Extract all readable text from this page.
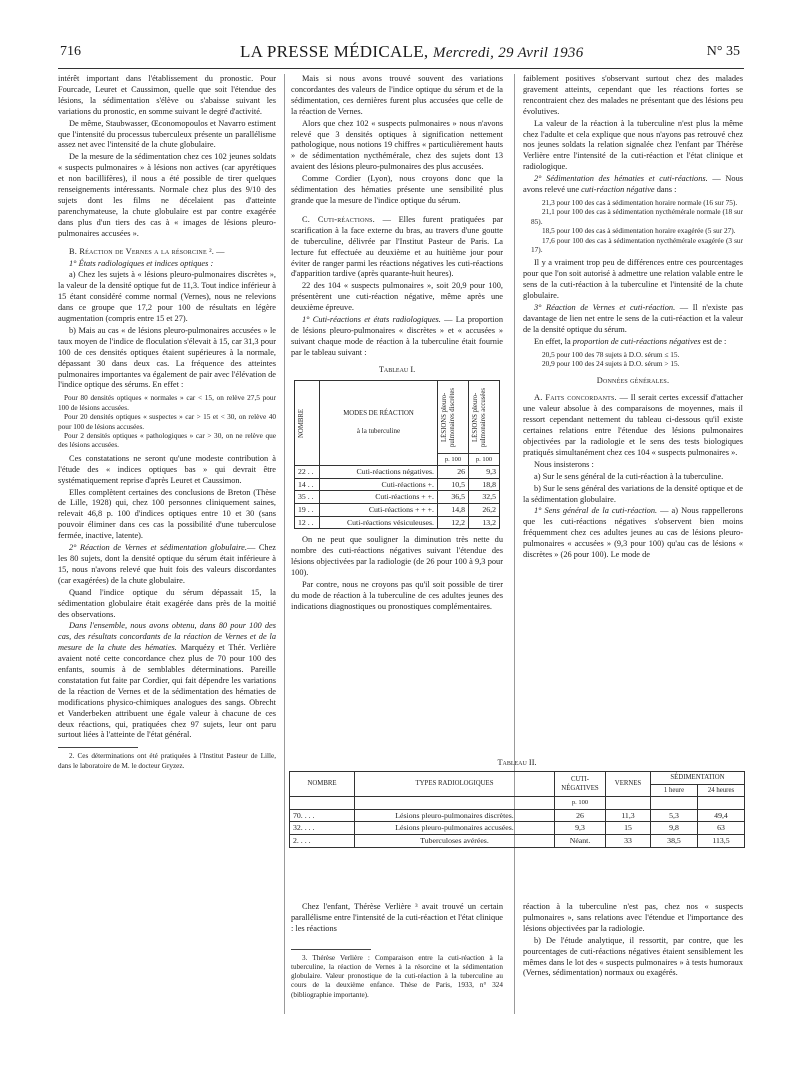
716	LA PRESSE MÉDICALE, Mercredi, 29 Avril 1936	N° 35

intérêt important dans l'établissement du pronostic. Pour Fourcade, Leuret et Caussimon, quelle que soit l'étendue des lésions, la sédimentation s'élève ou s'abaisse suivant les variations du pronostic, en somme suivant le degré d'activité.

De même, Staubwasser, Œconomopoulos et Navarro estiment que l'intensité du processus tuberculeux présente un parallélisme assez net avec l'intensité de la chute globulaire.

De la mesure de la sédimentation chez ces 102 jeunes soldats « suspects pulmonaires » à lésions non actives (car apyrétiques et non bacillifères), il nous a été possible de tirer quelques renseignements intéressants. Normale chez plus des 9/10 des sujets dont les films ne décelaient pas d'atteinte parenchymateuse, la chute globulaire est par contre exagérée dans plus d'un tiers des cas à « images de lésions pleuro-pulmonaires accusées ».

B. Réaction de Vernes a la résorcine ². —

1° États radiologiques et indices optiques :

a) Chez les sujets à « lésions pleuro-pulmonaires discrètes », la valeur de la densité optique fut de 11,3. Tout indice inférieur à 15 étant considéré comme normal (Vernes), nous ne relevions dans ce groupe que 17,2 pour 100 de résultats en légère augmentation (compris entre 15 et 27).

b) Mais au cas « de lésions pleuro-pulmonaires accusées » le taux moyen de l'indice de floculation s'élevait à 15, car 31,3 pour 100 de ces densités optiques étaient supérieures à la normale, dépassant 30 dans deux cas. La fréquence des atteintes pulmonaires importantes va également de pair avec l'élévation de l'indice optique des sérums. En effet :

Pour 80 densités optiques « normales » car < 15, on relève 27,5 pour 100 de lésions accusées.

Pour 20 densités optiques « suspectes » car > 15 et < 30, on relève 40 pour 100 de lésions accusées.

Pour 2 densités optiques « pathologiques » car > 30, on ne relève que des lésions accusées.

Ces constatations ne seront qu'une modeste contribution à l'étude des « indices optiques bas » qui devrait être systématiquement reprise d'après Leuret et Caussimon.

Elles complètent certaines des conclusions de Breton (Thèse de Lille, 1928) qui, chez 100 personnes cliniquement saines, relevait 46,8 p. 100 d'indices optiques entre 10 et 30 (sans pouvoir éliminer dans ces cas la possibilité d'une tuberculose fermée, inactive, latente).

2° Réaction de Vernes et sédimentation globulaire.— Chez les 80 sujets, dont la densité optique du sérum était inférieure à 15, nous n'avons relevé que huit fois des valeurs discordantes (car exagérées) de la chute globulaire.

Quand l'indice optique du sérum dépassait 15, la sédimentation globulaire était exagérée dans près de la moitié des observations.

Dans l'ensemble, nous avons obtenu, dans 80 pour 100 des cas, des résultats concordants de la réaction de Vernes et de la mesure de la chute des hématies. Marquézy et Thér. Verlière avaient noté cette concordance chez plus de 70 pour 100 des enfants, soumis à de semblables déterminations. Pareille constatation fut faite par Cordier, qui fait dépendre les variations de la réaction de Vernes et de la sédimentation des hématies de modifications physico-chimiques analogues des sangs. Obrecht et Vanderbeken attribuent une égale valeur à chacune de ces deux réactions, qui, pratiquées chez 97 sujets, leur ont paru surtout liées à l'atteinte de l'état général.

2. Ces déterminations ont été pratiquées à l'Institut Pasteur de Lille, dans le laboratoire de M. le docteur Gryzez.

Mais si nous avons trouvé souvent des variations concordantes des valeurs de l'indice optique du sérum et de la sédimentation, ces dernières furent plus accusées que celle de la réaction de Vernes.

Alors que chez 102 « suspects pulmonaires » nous n'avons relevé que 3 densités optiques à signification nettement pathologique, nous notions 19 chiffres « particulièrement hauts » de sédimentation nycthémérale, chez des sujets dont 13 avaient des lésions pleuro-pulmonaires des plus accusées.

Comme Cordier (Lyon), nous croyons donc que la sédimentation des hématies présente une sensibilité plus grande que la mesure de l'indice optique du sérum.

C. Cuti-réactions. — Elles furent pratiquées par scarification à la face externe du bras, au travers d'une goutte de tuberculine, délivrée par l'Institut Pasteur de Paris. La lecture fut effectuée au deuxième et au huitième jour pour éviter de ranger parmi les réactions négatives les cuti-réactions d'apparition tardive (après quarante-huit heures).

22 des 104 « suspects pulmonaires », soit 20,9 pour 100, présentèrent une cuti-réaction négative, même après une deuxième épreuve.

1° Cuti-réactions et états radiologiques. — La proportion de lésions pleuro-pulmonaires « discrètes » et « accusées » suivant chaque mode de réaction à la tuberculine était fournie par le tableau suivant :

Tableau I.
NOMBRE	MODES DE RÉACTION
à la tuberculine	LÉSIONS pleuro-pulmonaires discrètes	LÉSIONS pleuro-pulmonaires accusées

		p. 100	p. 100
22 . .	Cuti-réactions négatives.	26	9,3
14 . .	Cuti-réactions +.	10,5	18,8
35 . .	Cuti-réactions + +.	36,5	32,5
19 . .	Cuti-réactions + + +.	14,8	26,2
12 . .	Cuti-réactions vésiculeuses.	12,2	13,2

On ne peut que souligner la diminution très nette du nombre des cuti-réactions négatives suivant l'étendue des lésions objectivées par la radiologie (de 26 pour 100 à 9,3 pour 100).

Par contre, nous ne croyons pas qu'il soit possible de tirer du mode de réaction à la tuberculine de ces adultes jeunes des indications diagnostiques ou pronostiques complémentaires.

faiblement positives s'observant surtout chez des malades gravement atteints, cependant que les réactions fortes se rencontraient chez des malades ne présentant que des lésions peu évolutives.

La valeur de la réaction à la tuberculine n'est plus la même chez l'adulte et cela explique que nous n'ayons pas retrouvé chez nos jeunes soldats la relation signalée chez l'enfant par Thérèse Verlière entre l'intensité de la cuti-réaction et l'état clinique et radiologique.

2° Sédimentation des hématies et cuti-réactions. — Nous avons relevé une cuti-réaction négative dans :

21,3 pour 100 des cas à sédimentation horaire normale (16 sur 75).

21,1 pour 100 des cas à sédimentation nycthémérale normale (18 sur 85).

18,5 pour 100 des cas à sédimentation horaire exagérée (5 sur 27).

17,6 pour 100 des cas à sédimentation nycthémérale exagérée (3 sur 17).

Il y a vraiment trop peu de différences entre ces pourcentages pour que l'on soit autorisé à admettre une relation valable entre le sens de la cuti-réaction à la tuberculine et l'intensité de la chute globulaire.

3° Réaction de Vernes et cuti-réaction. — Il n'existe pas davantage de lien net entre le sens de la cuti-réaction et la valeur de la densité optique du sérum.

En effet, la proportion de cuti-réactions négatives est de :

20,5 pour 100 des 78 sujets à D.O. sérum ≤ 15.

20,9 pour 100 des 24 sujets à D.O. sérum > 15.

Données générales.

A. Faits concordants. — Il serait certes excessif d'attacher une valeur absolue à des comparaisons de moyennes, mais il ressort cependant nettement du tableau ci-dessous qu'il existe certaines relations entre l'étendue des lésions pulmonaires objectivées par la radiologie et le sens des tests biologiques pratiqués simultanément chez ces 104 « suspects pulmonaires ».

Nous insisterons :

a) Sur le sens général de la cuti-réaction à la tuberculine.

b) Sur le sens général des variations de la densité optique et de la sédimentation globulaire.

1° Sens général de la cuti-réaction. — a) Nous rappellerons que les cuti-réactions négatives s'observent bien moins fréquemment chez ces adultes jeunes au cas de lésions pleuro-pulmonaires « accusées » (9,3 pour 100) qu'au cas de lésions « discrètes » (26 pour 100). Le mode de

Tableau II.
NOMBRE	TYPES RADIOLOGIQUES	CUTI-NÉGATIVES	VERNES	SÉDIMENTATION	
				1 heure	24 heures
		p. 100			
70. . . .	Lésions pleuro-pulmonaires discrètes.	26	11,3	5,3	49,4
32. . . .	Lésions pleuro-pulmonaires accusées.	9,3	15	9,8	63
2. . . .	Tuberculoses avérées.	Néant.	33	38,5	113,5

Chez l'enfant, Thérèse Verlière ³ avait trouvé un certain parallélisme entre l'intensité de la cuti-réaction et l'état clinique : les réactions

3. Thérèse Verlière : Comparaison entre la cuti-réaction à la tuberculine, la réaction de Vernes à la résorcine et la sédimentation globulaire. Valeur pronostique de la cuti-réaction à la tuberculine au cours de la deuxième enfance. Thèse de Paris, 1933, n° 324 (bibliographie importante).

réaction à la tuberculine n'est pas, chez nos « suspects pulmonaires », sans relations avec l'étendue et l'importance des lésions objectivées par la radiologie.

b) De l'étude analytique, il ressortit, par contre, que les pourcentages de cuti-réactions négatives étaient sensiblement les mêmes dans le lot des « suspects pulmonaires » à tests humoraux (Vernes, sédimentation) normaux ou exagérés.
